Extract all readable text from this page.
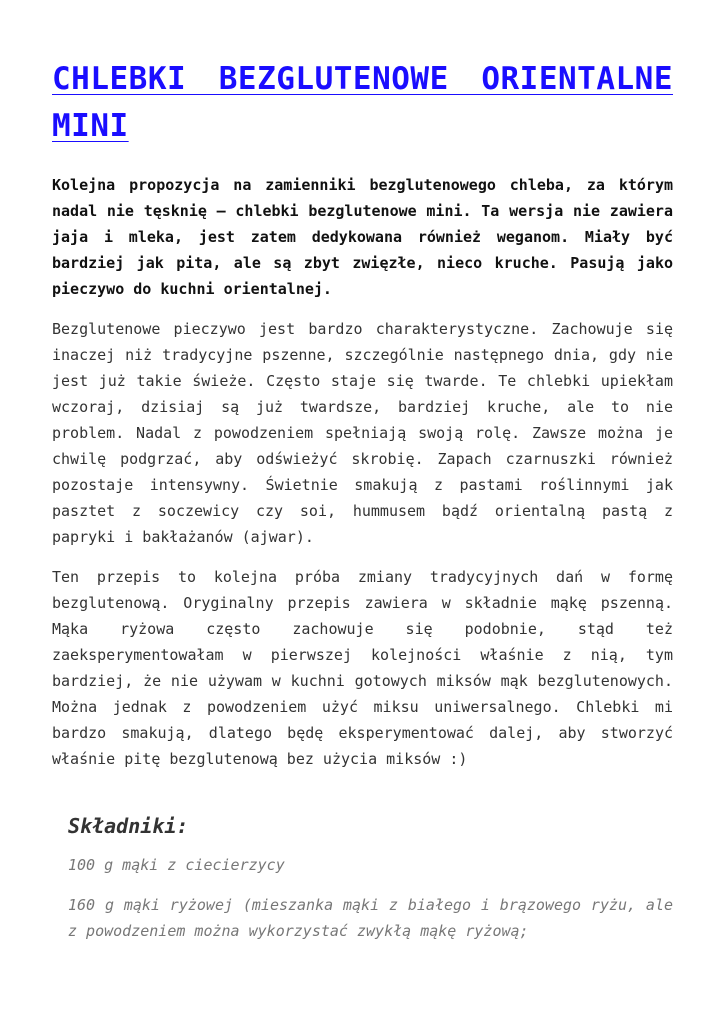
CHLEBKI BEZGLUTENOWE ORIENTALNE MINI

Kolejna propozycja na zamienniki bezglutenowego chleba, za którym nadal nie tęsknię – chlebki bezglutenowe mini. Ta wersja nie zawiera jaja i mleka, jest zatem dedykowana również weganom. Miały być bardziej jak pita, ale są zbyt zwięzłe, nieco kruche. Pasują jako pieczywo do kuchni orientalnej.

Bezglutenowe pieczywo jest bardzo charakterystyczne. Zachowuje się inaczej niż tradycyjne pszenne, szczególnie następnego dnia, gdy nie jest już takie świeże. Często staje się twarde. Te chlebki upiekłam wczoraj, dzisiaj są już twardsze, bardziej kruche, ale to nie problem. Nadal z powodzeniem spełniają swoją rolę. Zawsze można je chwilę podgrzać, aby odświeżyć skrobię. Zapach czarnuszki również pozostaje intensywny. Świetnie smakują z pastami roślinnymi jak pasztet z soczewicy czy soi, hummusem bądź orientalną pastą z papryki i bakłażanów (ajwar).

Ten przepis to kolejna próba zmiany tradycyjnych dań w formę bezglutenową. Oryginalny przepis zawiera w składnie mąkę pszenną. Mąka ryżowa często zachowuje się podobnie, stąd też zaeksperymentowałam w pierwszej kolejności właśnie z nią, tym bardziej, że nie używam w kuchni gotowych miksów mąk bezglutenowych. Można jednak z powodzeniem użyć miksu uniwersalnego. Chlebki mi bardzo smakują, dlatego będę eksperymentować dalej, aby stworzyć właśnie pitę bezglutenową bez użycia miksów :)

Składniki:

100 g mąki z ciecierzycy

160 g mąki ryżowej (mieszanka mąki z białego i brązowego ryżu, ale z powodzeniem można wykorzystać zwykłą mąkę ryżową;
